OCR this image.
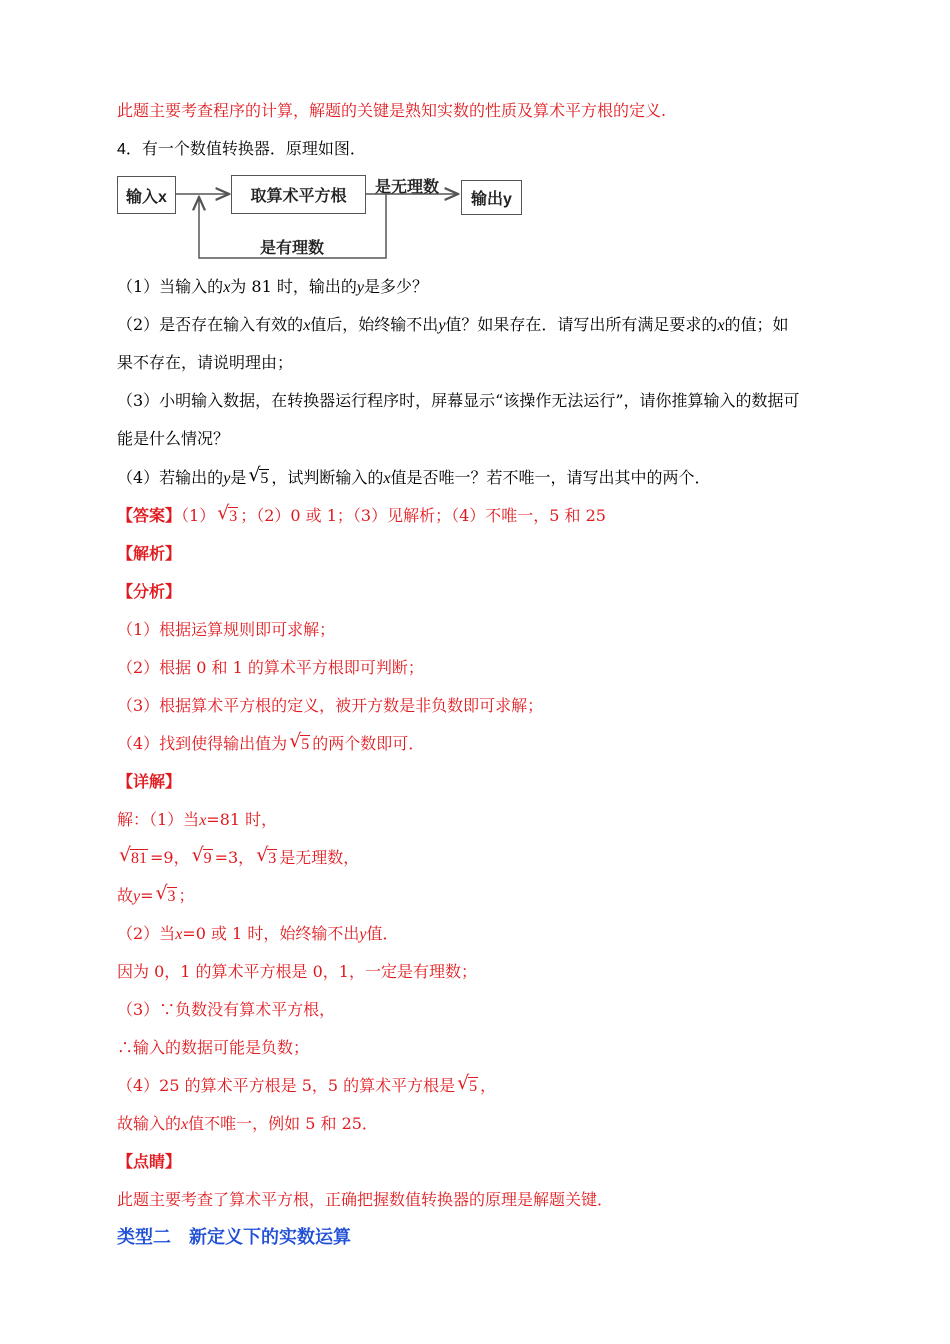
此题主要考查程序的计算，解题的关键是熟知实数的性质及算术平方根的定义.
4．有一个数值转换器．原理如图．
输入x	取算术平方根	输出y
是无理数
是有理数
（1）当输入的x为 81 时，输出的y是多少？
（2）是否存在输入有效的x值后，始终输不出y值？如果存在．请写出所有满足要求的x的值；如
果不存在，请说明理由；
（3）小明输入数据，在转换器运行程序时，屏幕显示“该操作无法运行”，请你推算输入的数据可
能是什么情况？
（4）若输出的y是 √ 5 ，试判断输入的x值是否唯一？若不唯一，请写出其中的两个．
【答案】（1） √ 3 ；（2）0 或 1；（3）见解析；（4）不唯一，5 和 25
【解析】
【分析】
（1）根据运算规则即可求解；
（2）根据 0 和 1 的算术平方根即可判断；
（3）根据算术平方根的定义，被开方数是非负数即可求解；
（4）找到使得输出值为 √ 5 的两个数即可．
【详解】
解：（1）当x=81 时，
√ 81 =9， √ 9 =3， √ 3 是无理数，
故y= √ 3 ；
（2）当x=0 或 1 时，始终输不出y值．
因为 0，1 的算术平方根是 0，1，一定是有理数；
（3）∵负数没有算术平方根，
∴输入的数据可能是负数；
（4）25 的算术平方根是 5，5 的算术平方根是 √ 5 ，
故输入的x值不唯一，例如 5 和 25．
【点睛】
此题主要考查了算术平方根，正确把握数值转换器的原理是解题关键．
类型二　新定义下的实数运算
